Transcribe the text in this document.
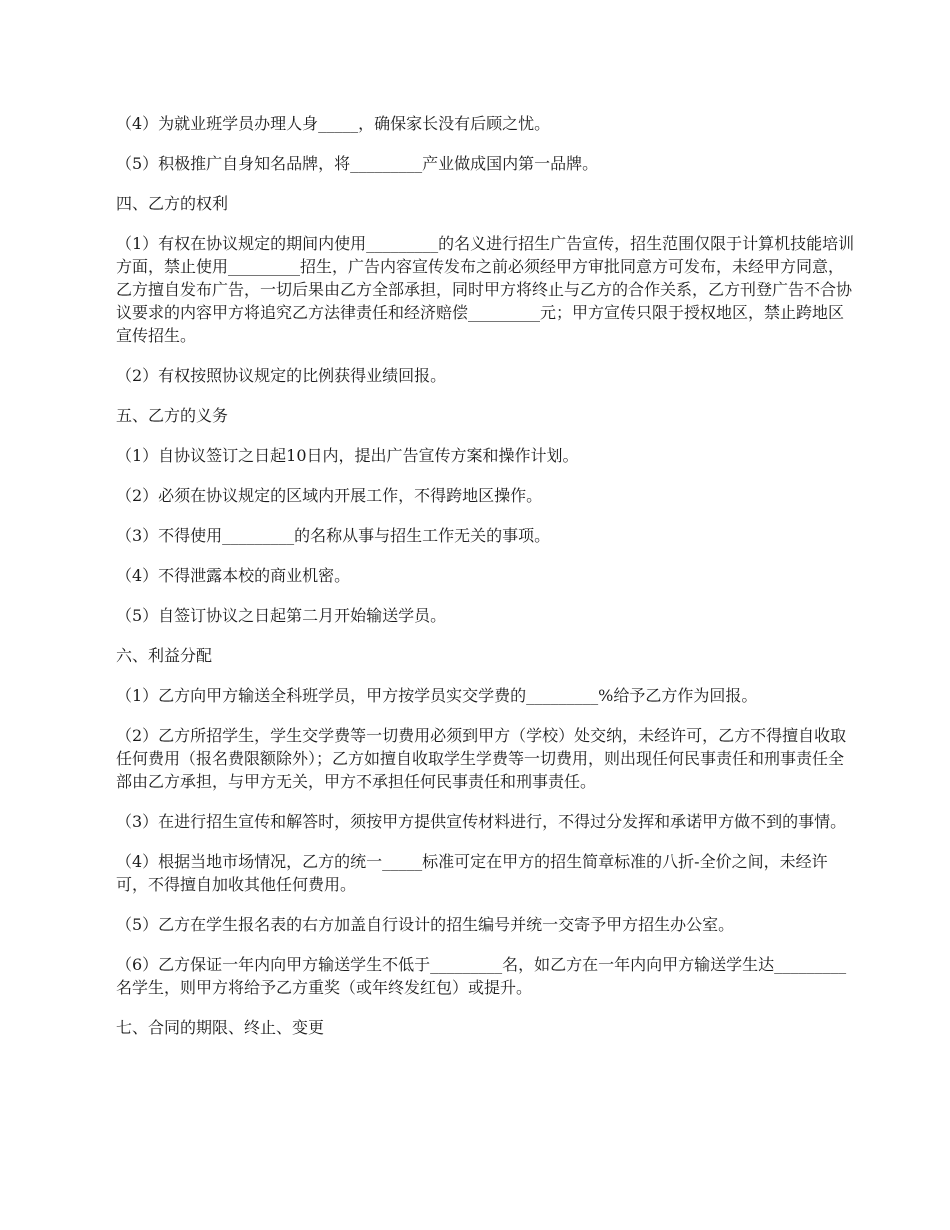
（4）为就业班学员办理人身_____，确保家长没有后顾之忧。

（5）积极推广自身知名品牌，将_________产业做成国内第一品牌。

四、乙方的权利

（1）有权在协议规定的期间内使用_________的名义进行招生广告宣传，招生范围仅限于计算机技能培训方面，禁止使用_________招生，广告内容宣传发布之前必须经甲方审批同意方可发布，未经甲方同意，乙方擅自发布广告，一切后果由乙方全部承担，同时甲方将终止与乙方的合作关系，乙方刊登广告不合协议要求的内容甲方将追究乙方法律责任和经济赔偿_________元；甲方宣传只限于授权地区，禁止跨地区宣传招生。

（2）有权按照协议规定的比例获得业绩回报。

五、乙方的义务

（1）自协议签订之日起10日内，提出广告宣传方案和操作计划。

（2）必须在协议规定的区域内开展工作，不得跨地区操作。

（3）不得使用_________的名称从事与招生工作无关的事项。

（4）不得泄露本校的商业机密。

（5）自签订协议之日起第二月开始输送学员。

六、利益分配

（1）乙方向甲方输送全科班学员，甲方按学员实交学费的_________%给予乙方作为回报。

（2）乙方所招学生，学生交学费等一切费用必须到甲方（学校）处交纳，未经许可，乙方不得擅自收取任何费用（报名费限额除外）；乙方如擅自收取学生学费等一切费用，则出现任何民事责任和刑事责任全部由乙方承担，与甲方无关，甲方不承担任何民事责任和刑事责任。

（3）在进行招生宣传和解答时，须按甲方提供宣传材料进行，不得过分发挥和承诺甲方做不到的事情。

（4）根据当地市场情况，乙方的统一_____标准可定在甲方的招生简章标准的八折-全价之间，未经许可，不得擅自加收其他任何费用。

（5）乙方在学生报名表的右方加盖自行设计的招生编号并统一交寄予甲方招生办公室。

（6）乙方保证一年内向甲方输送学生不低于_________名，如乙方在一年内向甲方输送学生达_________名学生，则甲方将给予乙方重奖（或年终发红包）或提升。

七、合同的期限、终止、变更
